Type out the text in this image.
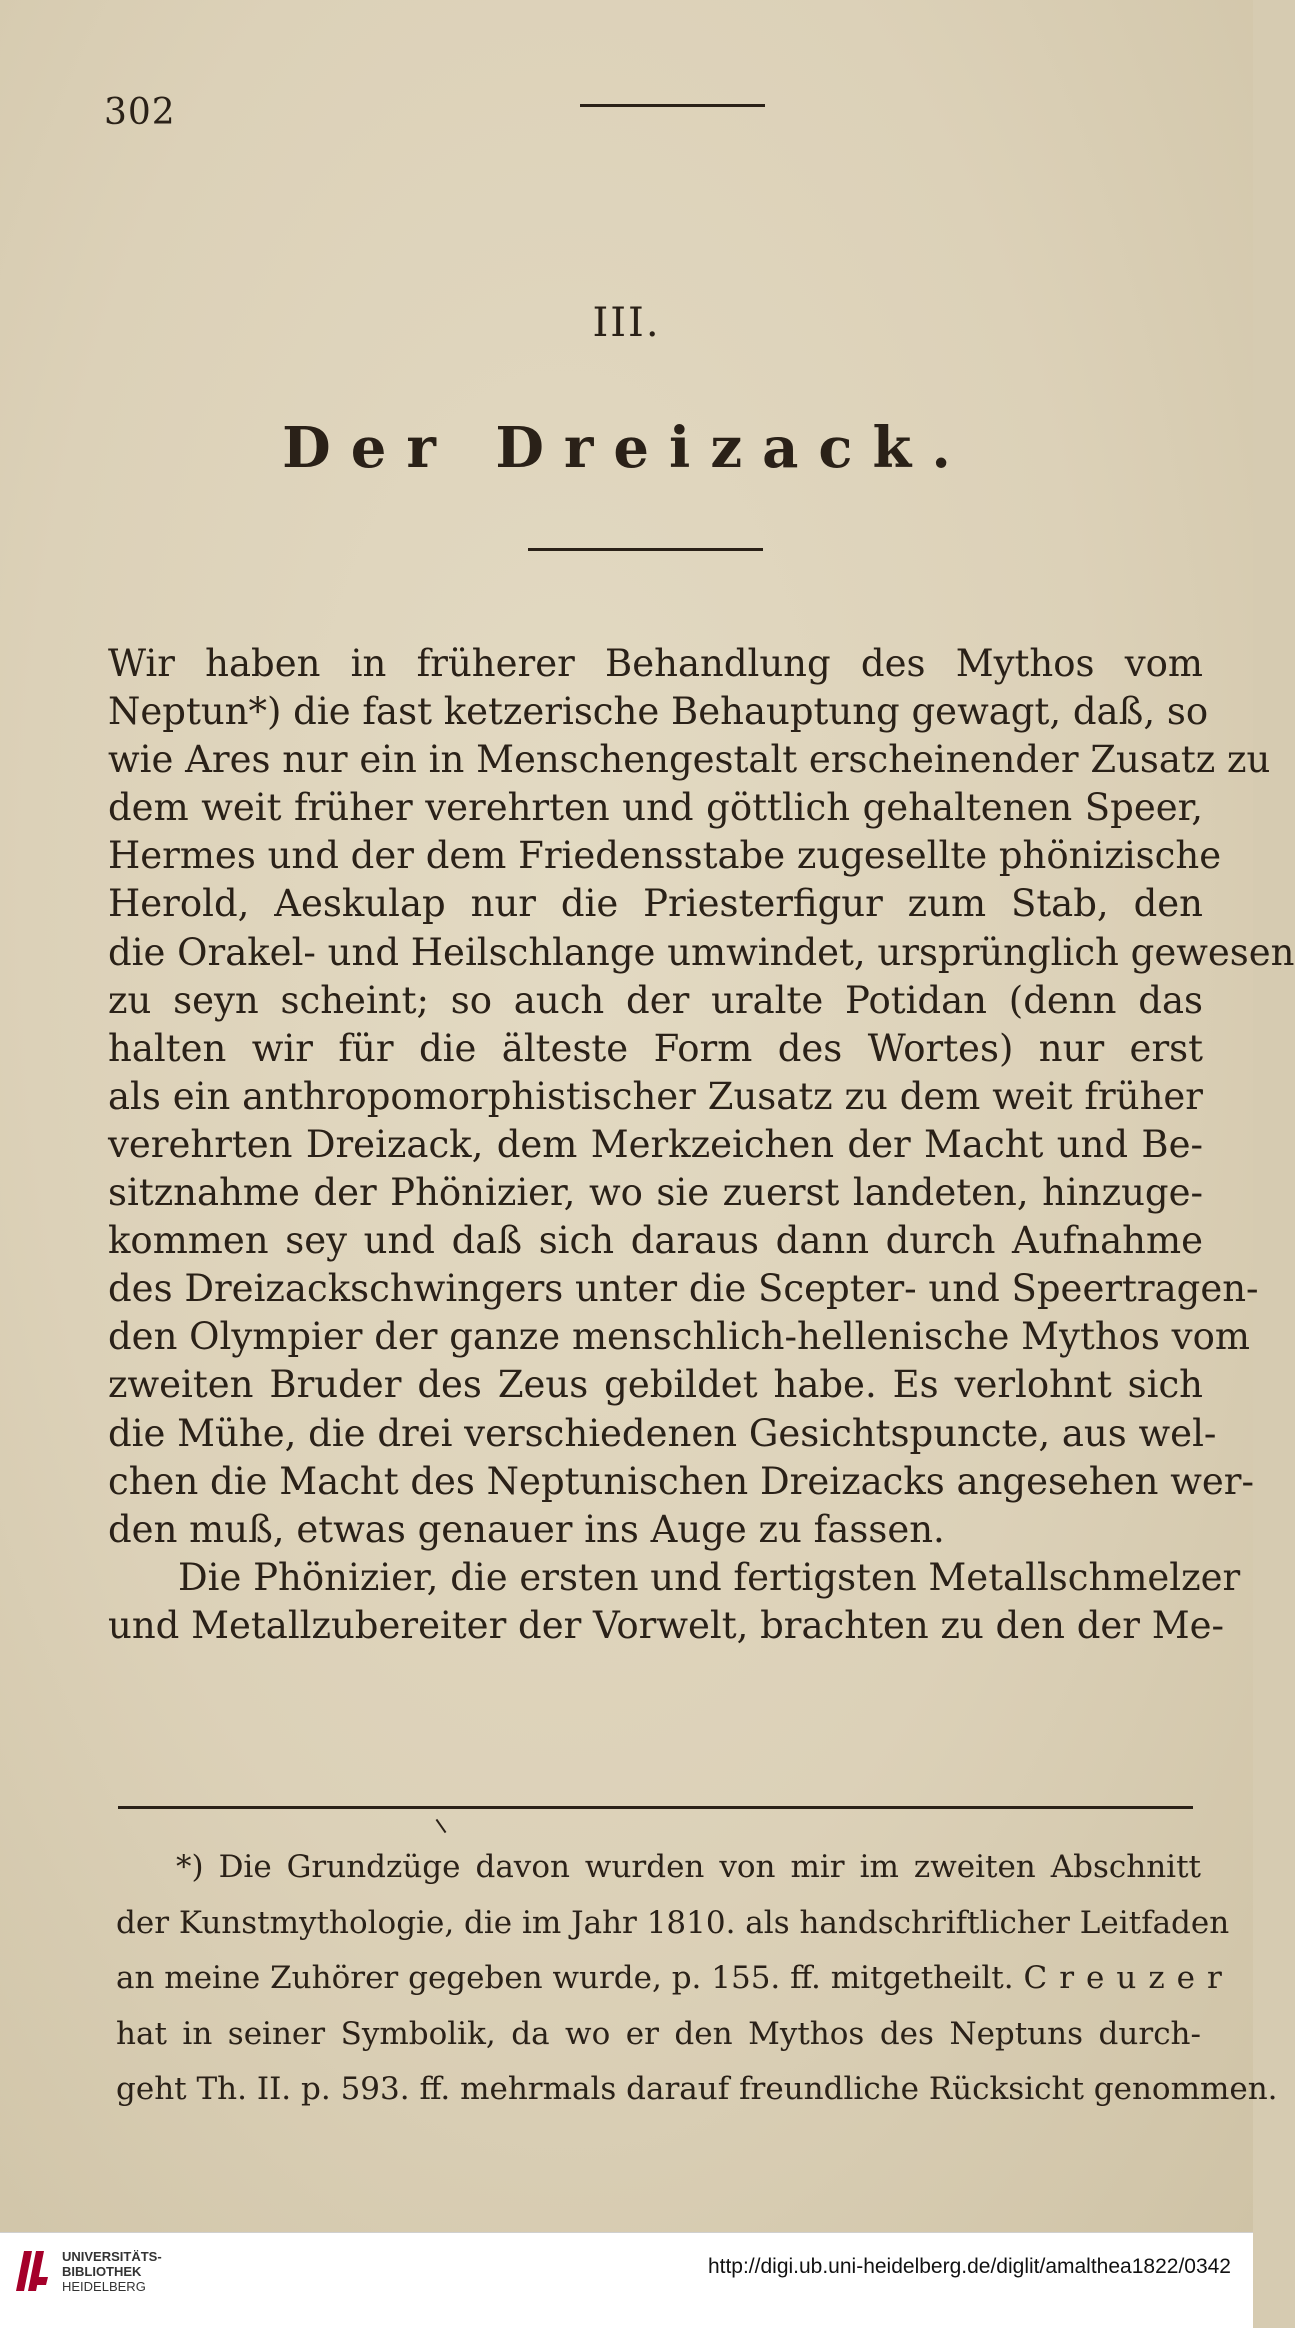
302
III.
Der Dreizack.
Wir haben in früherer Behandlung des Mythos vom
Neptun*) die fast ketzerische Behauptung gewagt, daß, so
wie Ares nur ein in Menschengestalt erscheinender Zusatz zu
dem weit früher verehrten und göttlich gehaltenen Speer,
Hermes und der dem Friedensstabe zugesellte phönizische
Herold, Aeskulap nur die Priesterfigur zum Stab, den
die Orakel- und Heilschlange umwindet, ursprünglich gewesen
zu seyn scheint; so auch der uralte Potidan (denn das
halten wir für die älteste Form des Wortes) nur erst
als ein anthropomorphistischer Zusatz zu dem weit früher
verehrten Dreizack, dem Merkzeichen der Macht und Be-
sitznahme der Phönizier, wo sie zuerst landeten, hinzuge-
kommen sey und daß sich daraus dann durch Aufnahme
des Dreizackschwingers unter die Scepter- und Speertragen-
den Olympier der ganze menschlich-hellenische Mythos vom
zweiten Bruder des Zeus gebildet habe. Es verlohnt sich
die Mühe, die drei verschiedenen Gesichtspuncte, aus wel-
chen die Macht des Neptunischen Dreizacks angesehen wer-
den muß, etwas genauer ins Auge zu fassen.
Die Phönizier, die ersten und fertigsten Metallschmelzer
und Metallzubereiter der Vorwelt, brachten zu den der Me-
*) Die Grundzüge davon wurden von mir im zweiten Abschnitt
der Kunstmythologie, die im Jahr 1810. als handschriftlicher Leitfaden
an meine Zuhörer gegeben wurde, p. 155. ff. mitgetheilt. Creuzer
hat in seiner Symbolik, da wo er den Mythos des Neptuns durch-
geht Th. II. p. 593. ff. mehrmals darauf freundliche Rücksicht genommen.
UNIVERSITÄTS-
BIBLIOTHEK
HEIDELBERG
http://digi.ub.uni-heidelberg.de/diglit/amalthea1822/0342
